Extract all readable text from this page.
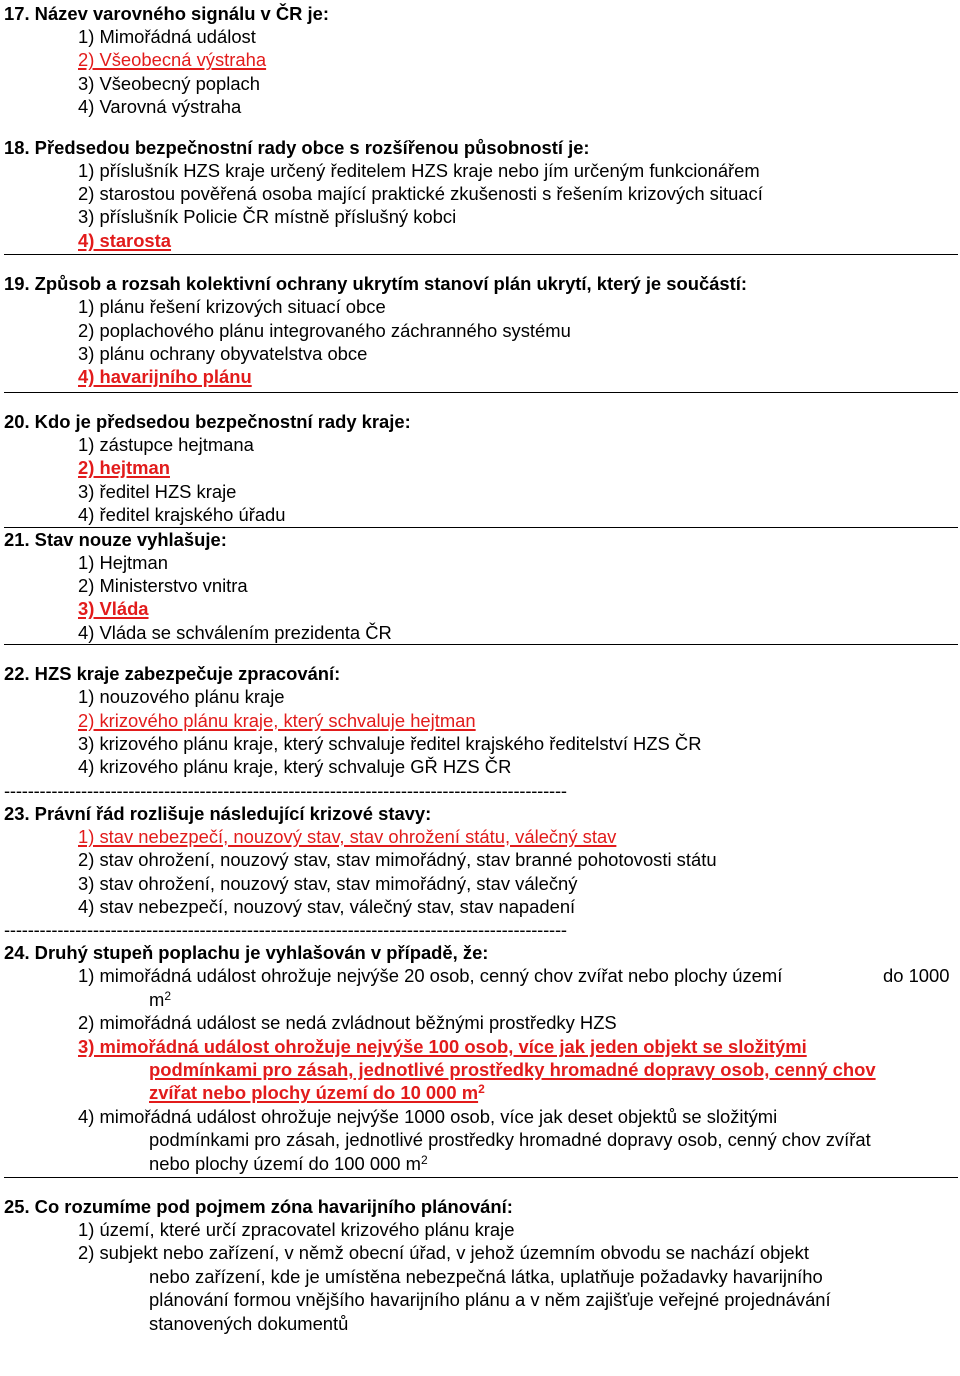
17. Název varovného signálu v ČR je:
1) Mimořádná událost
2) Všeobecná výstraha
3) Všeobecný poplach
4) Varovná výstraha
18. Předsedou bezpečnostní rady obce s rozšířenou působností je:
1) příslušník HZS kraje určený ředitelem HZS kraje nebo jím určeným funkcionářem
2) starostou pověřená osoba mající praktické zkušenosti s řešením krizových situací
3) příslušník Policie ČR místně příslušný kobci
4) starosta
19. Způsob a rozsah kolektivní ochrany ukrytím stanoví plán ukrytí, který je součástí:
1) plánu řešení krizových situací obce
2) poplachového plánu integrovaného záchranného systému
3) plánu ochrany obyvatelstva obce
4) havarijního plánu
20. Kdo je předsedou bezpečnostní rady kraje:
1) zástupce hejtmana
2) hejtman
3) ředitel HZS kraje
4) ředitel krajského úřadu
21. Stav nouze vyhlašuje:
1) Hejtman
2) Ministerstvo vnitra
3) Vláda
4) Vláda se schválením prezidenta ČR
22. HZS kraje zabezpečuje zpracování:
1) nouzového plánu kraje
2) krizového plánu kraje, který schvaluje hejtman
3) krizového plánu kraje, který schvaluje ředitel krajského ředitelství HZS ČR
4) krizového plánu kraje, který schvaluje GŘ HZS ČR
-----------------------------------------------------------------------------------------------
23. Právní řád rozlišuje následující krizové stavy:
1) stav nebezpečí, nouzový stav, stav ohrožení státu, válečný stav
2) stav ohrožení, nouzový stav, stav mimořádný, stav branné pohotovosti státu
3) stav ohrožení, nouzový stav, stav mimořádný, stav válečný
4) stav nebezpečí, nouzový stav, válečný stav, stav napadení
-----------------------------------------------------------------------------------------------
24. Druhý stupeň poplachu je vyhlašován v případě, že:
1) mimořádná událost ohrožuje nejvýše 20 osob, cenný chov zvířat nebo plochy území	do 1000
$m^2$
2) mimořádná událost se nedá zvládnout běžnými prostředky HZS
3) mimořádná událost ohrožuje nejvýše 100 osob, více jak jeden objekt se složitými
podmínkami pro zásah, jednotlivé prostředky hromadné dopravy osob, cenný chov
zvířat nebo plochy území do 10 000 $m^2$
4) mimořádná událost ohrožuje nejvýše 1000 osob, více jak deset objektů se složitými
podmínkami pro zásah, jednotlivé prostředky hromadné dopravy osob, cenný chov zvířat
nebo plochy území do 100 000 $m^2$
25. Co rozumíme pod pojmem zóna havarijního plánování:
1) území, které určí zpracovatel krizového plánu kraje
2) subjekt nebo zařízení, v němž obecní úřad, v jehož územním obvodu se nachází objekt
nebo zařízení, kde je umístěna nebezpečná látka, uplatňuje požadavky havarijního
plánování formou vnějšího havarijního plánu a v něm zajišťuje veřejné projednávání
stanovených dokumentů
